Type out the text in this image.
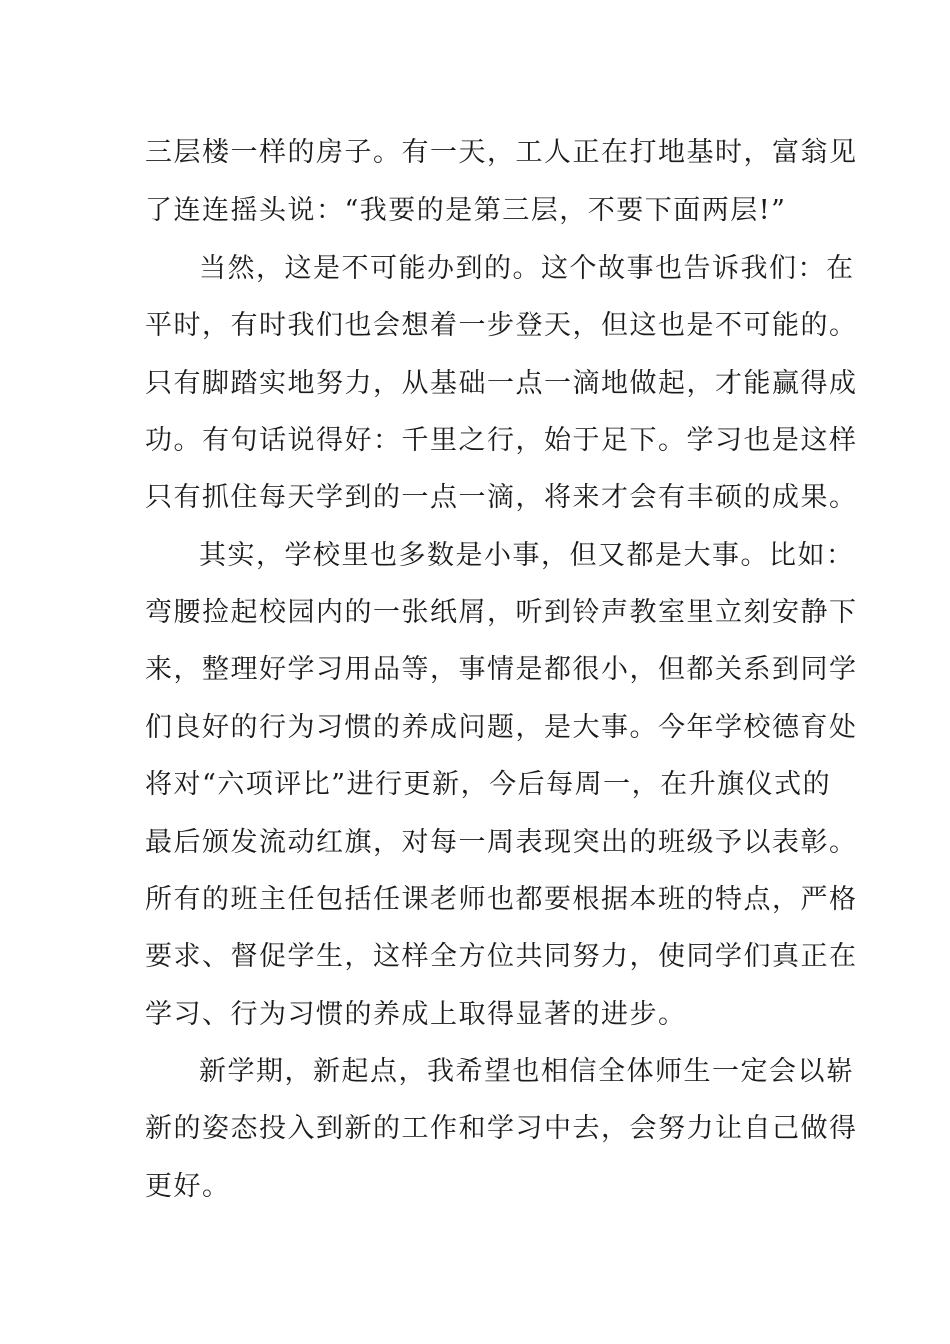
三层楼一样的房子。有一天，工人正在打地基时，富翁见
了连连摇头说：“我要的是第三层，不要下面两层!”
当然，这是不可能办到的。这个故事也告诉我们：在
平时，有时我们也会想着一步登天，但这也是不可能的。
只有脚踏实地努力，从基础一点一滴地做起，才能赢得成
功。有句话说得好：千里之行，始于足下。学习也是这样
只有抓住每天学到的一点一滴，将来才会有丰硕的成果。
其实，学校里也多数是小事，但又都是大事。比如：
弯腰捡起校园内的一张纸屑，听到铃声教室里立刻安静下
来，整理好学习用品等，事情是都很小，但都关系到同学
们良好的行为习惯的养成问题，是大事。今年学校德育处
将对“六项评比”进行更新，今后每周一，在升旗仪式的
最后颁发流动红旗，对每一周表现突出的班级予以表彰。
所有的班主任包括任课老师也都要根据本班的特点，严格
要求、督促学生，这样全方位共同努力，使同学们真正在
学习、行为习惯的养成上取得显著的进步。
新学期，新起点，我希望也相信全体师生一定会以崭
新的姿态投入到新的工作和学习中去，会努力让自己做得
更好。
